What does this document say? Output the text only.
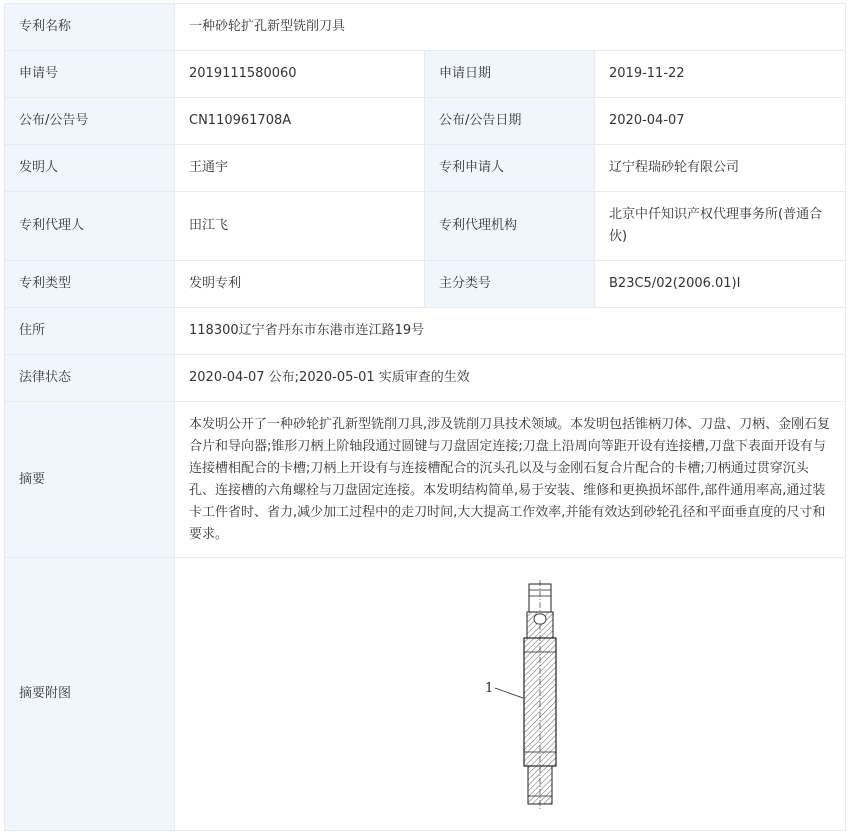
专利名称	一种砂轮扩孔新型铣削刀具		
申请号	2019111580060	申请日期	2019-11-22
公布/公告号	CN110961708A	公布/公告日期	2020-04-07
发明人	王通宇	专利申请人	辽宁程瑞砂轮有限公司
专利代理人	田江飞	专利代理机构	北京中仟知识产权代理事务所(普通合伙)
专利类型	发明专利	主分类号	B23C5/02(2006.01)I
住所	118300辽宁省丹东市东港市连江路19号		
法律状态	2020-04-07 公布;2020-05-01 实质审查的生效		
摘要	本发明公开了一种砂轮扩孔新型铣削刀具,涉及铣削刀具技术领域。本发明包括锥柄刀体、刀盘、刀柄、金刚石复合片和导向器;锥形刀柄上阶轴段通过圆键与刀盘固定连接;刀盘上沿周向等距开设有连接槽,刀盘下表面开设有与连接槽相配合的卡槽;刀柄上开设有与连接槽配合的沉头孔以及与金刚石复合片配合的卡槽;刀柄通过贯穿沉头孔、连接槽的六角螺栓与刀盘固定连接。本发明结构简单,易于安装、维修和更换损坏部件,部件通用率高,通过装卡工件省时、省力,减少加工过程中的走刀时间,大大提高工作效率,并能有效达到砂轮孔径和平面垂直度的尺寸和要求。		
摘要附图	1		
